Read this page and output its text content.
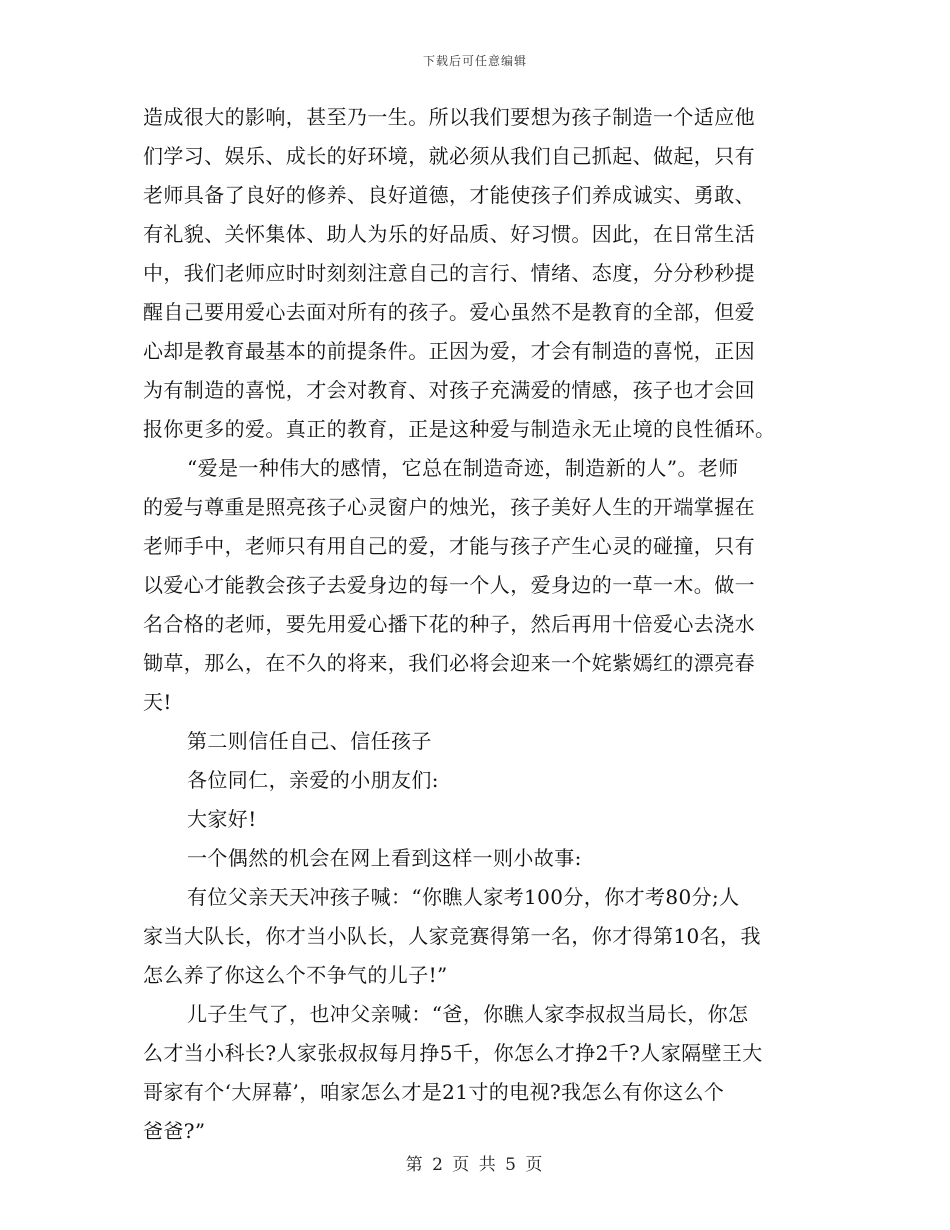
下载后可任意编辑

造成很大的影响，甚至乃一生。所以我们要想为孩子制造一个适应他

们学习、娱乐、成长的好环境，就必须从我们自己抓起、做起，只有

老师具备了良好的修养、良好道德，才能使孩子们养成诚实、勇敢、

有礼貌、关怀集体、助人为乐的好品质、好习惯。因此，在日常生活

中，我们老师应时时刻刻注意自己的言行、情绪、态度，分分秒秒提

醒自己要用爱心去面对所有的孩子。爱心虽然不是教育的全部，但爱

心却是教育最基本的前提条件。正因为爱，才会有制造的喜悦，正因

为有制造的喜悦，才会对教育、对孩子充满爱的情感，孩子也才会回

报你更多的爱。真正的教育，正是这种爱与制造永无止境的良性循环。

“爱是一种伟大的感情，它总在制造奇迹，制造新的人”。老师

的爱与尊重是照亮孩子心灵窗户的烛光，孩子美好人生的开端掌握在

老师手中，老师只有用自己的爱，才能与孩子产生心灵的碰撞，只有

以爱心才能教会孩子去爱身边的每一个人，爱身边的一草一木。做一

名合格的老师，要先用爱心播下花的种子，然后再用十倍爱心去浇水

锄草，那么，在不久的将来，我们必将会迎来一个姹紫嫣红的漂亮春

天!

第二则信任自己、信任孩子

各位同仁，亲爱的小朋友们:

大家好!

一个偶然的机会在网上看到这样一则小故事:

有位父亲天天冲孩子喊：“你瞧人家考100分，你才考80分;人

家当大队长，你才当小队长，人家竞赛得第一名，你才得第10名，我

怎么养了你这么个不争气的儿子!”

儿子生气了，也冲父亲喊：“爸，你瞧人家李叔叔当局长，你怎

么才当小科长?人家张叔叔每月挣5千，你怎么才挣2千?人家隔壁王大

哥家有个‘大屏幕’，咱家怎么才是21寸的电视?我怎么有你这么个

爸爸?”

第 2 页 共 5 页
